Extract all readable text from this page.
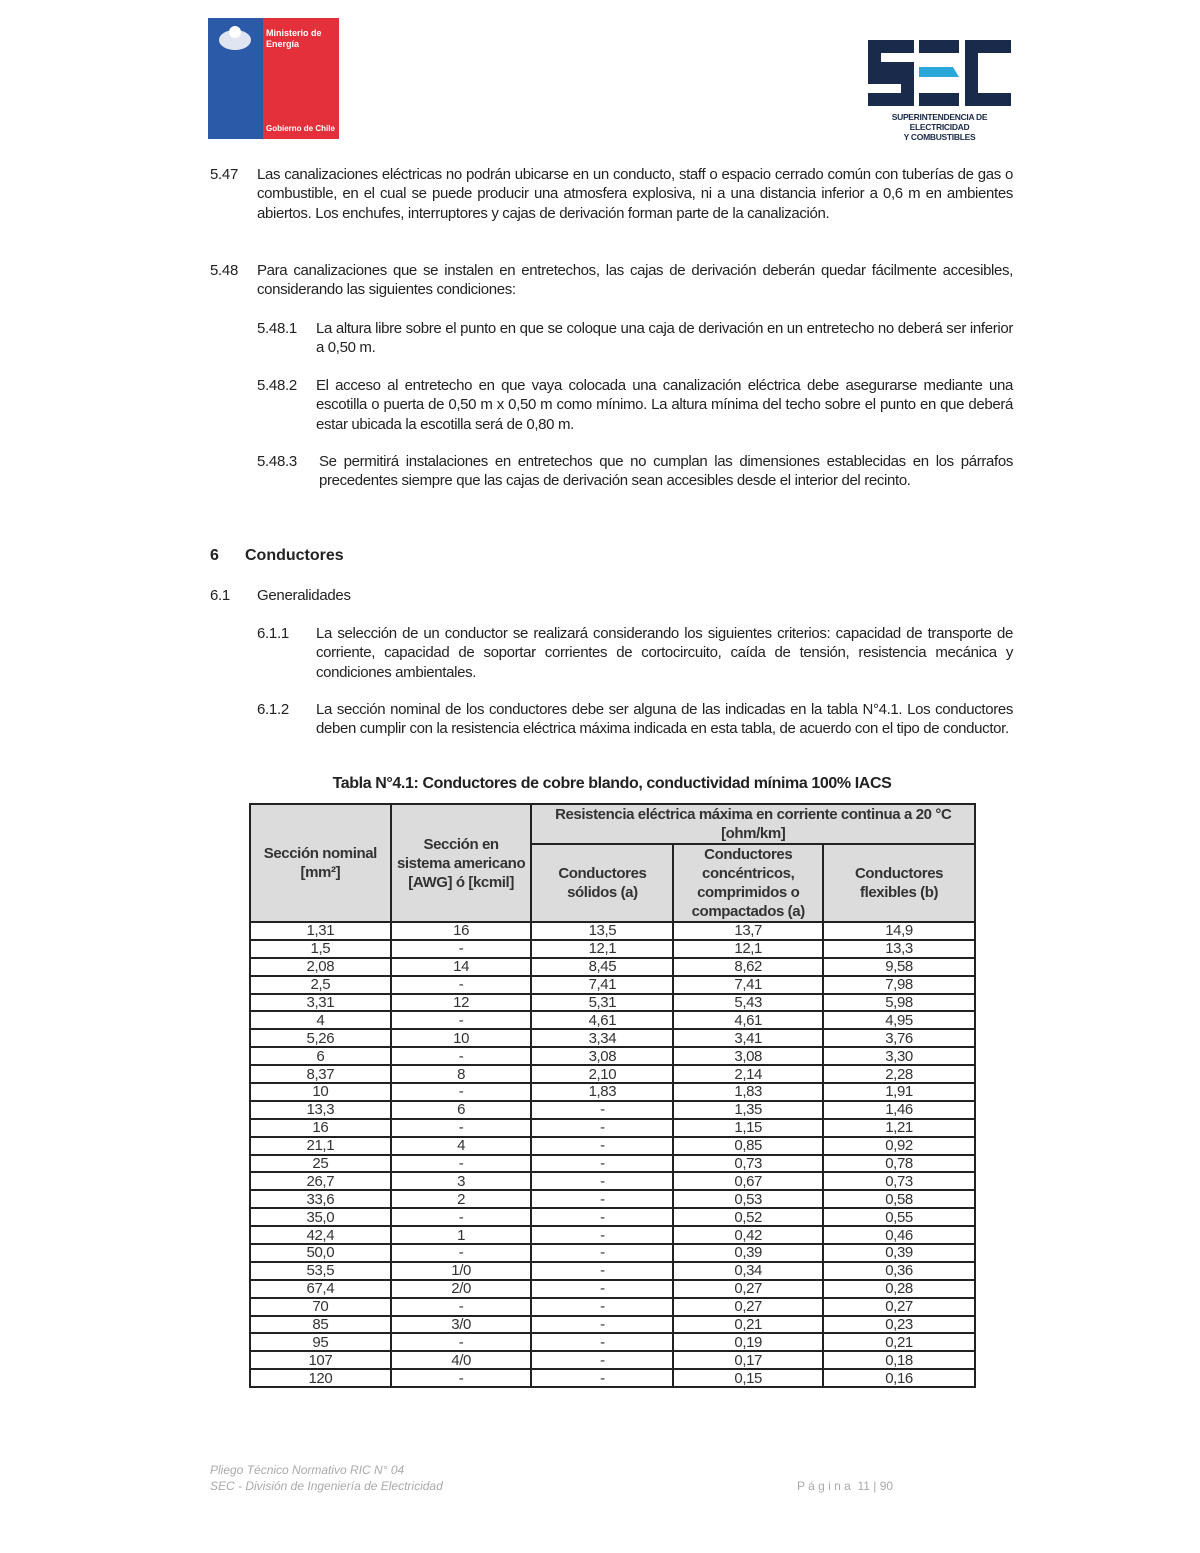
Ministerio de
Energía
Gobierno de Chile
SUPERINTENDENCIA DE ELECTRICIDAD
Y COMBUSTIBLES
5.47 Las canalizaciones eléctricas no podrán ubicarse en un conducto, staff o espacio cerrado común con tuberías de gas o combustible, en el cual se puede producir una atmosfera explosiva, ni a una distancia inferior a 0,6 m en ambientes abiertos. Los enchufes, interruptores y cajas de derivación forman parte de la canalización.
5.48 Para canalizaciones que se instalen en entretechos, las cajas de derivación deberán quedar fácilmente accesibles, considerando las siguientes condiciones:
5.48.1 La altura libre sobre el punto en que se coloque una caja de derivación en un entretecho no deberá ser inferior a 0,50 m.
5.48.2 El acceso al entretecho en que vaya colocada una canalización eléctrica debe asegurarse mediante una escotilla o puerta de 0,50 m x 0,50 m como mínimo. La altura mínima del techo sobre el punto en que deberá estar ubicada la escotilla será de 0,80 m.
5.48.3 Se permitirá instalaciones en entretechos que no cumplan las dimensiones establecidas en los párrafos precedentes siempre que las cajas de derivación sean accesibles desde el interior del recinto.
6 Conductores
6.1 Generalidades
6.1.1 La selección de un conductor se realizará considerando los siguientes criterios: capacidad de transporte de corriente, capacidad de soportar corrientes de cortocircuito, caída de tensión, resistencia mecánica y condiciones ambientales.
6.1.2 La sección nominal de los conductores debe ser alguna de las indicadas en la tabla N°4.1. Los conductores deben cumplir con la resistencia eléctrica máxima indicada en esta tabla, de acuerdo con el tipo de conductor.
Tabla N°4.1: Conductores de cobre blando, conductividad mínima 100% IACS
Sección nominal [mm²]	Sección en sistema americano [AWG] ó [kcmil]	Resistencia eléctrica máxima en corriente continua a 20 °C [ohm/km]		
		Conductores sólidos (a)	Conductores concéntricos, comprimidos o compactados (a)	Conductores flexibles (b)
1,31	16	13,5	13,7	14,9
1,5	-	12,1	12,1	13,3
2,08	14	8,45	8,62	9,58
2,5	-	7,41	7,41	7,98
3,31	12	5,31	5,43	5,98
4	-	4,61	4,61	4,95
5,26	10	3,34	3,41	3,76
6	-	3,08	3,08	3,30
8,37	8	2,10	2,14	2,28
10	-	1,83	1,83	1,91
13,3	6	-	1,35	1,46
16	-	-	1,15	1,21
21,1	4	-	0,85	0,92
25	-	-	0,73	0,78
26,7	3	-	0,67	0,73
33,6	2	-	0,53	0,58
35,0	-	-	0,52	0,55
42,4	1	-	0,42	0,46
50,0	-	-	0,39	0,39
53,5	1/0	-	0,34	0,36
67,4	2/0	-	0,27	0,28
70	-	-	0,27	0,27
85	3/0	-	0,21	0,23
95	-	-	0,19	0,21
107	4/0	-	0,17	0,18
120	-	-	0,15	0,16
Pliego Técnico Normativo RIC N° 04
SEC - División de Ingeniería de Electricidad	P á g i n a  11 | 90
